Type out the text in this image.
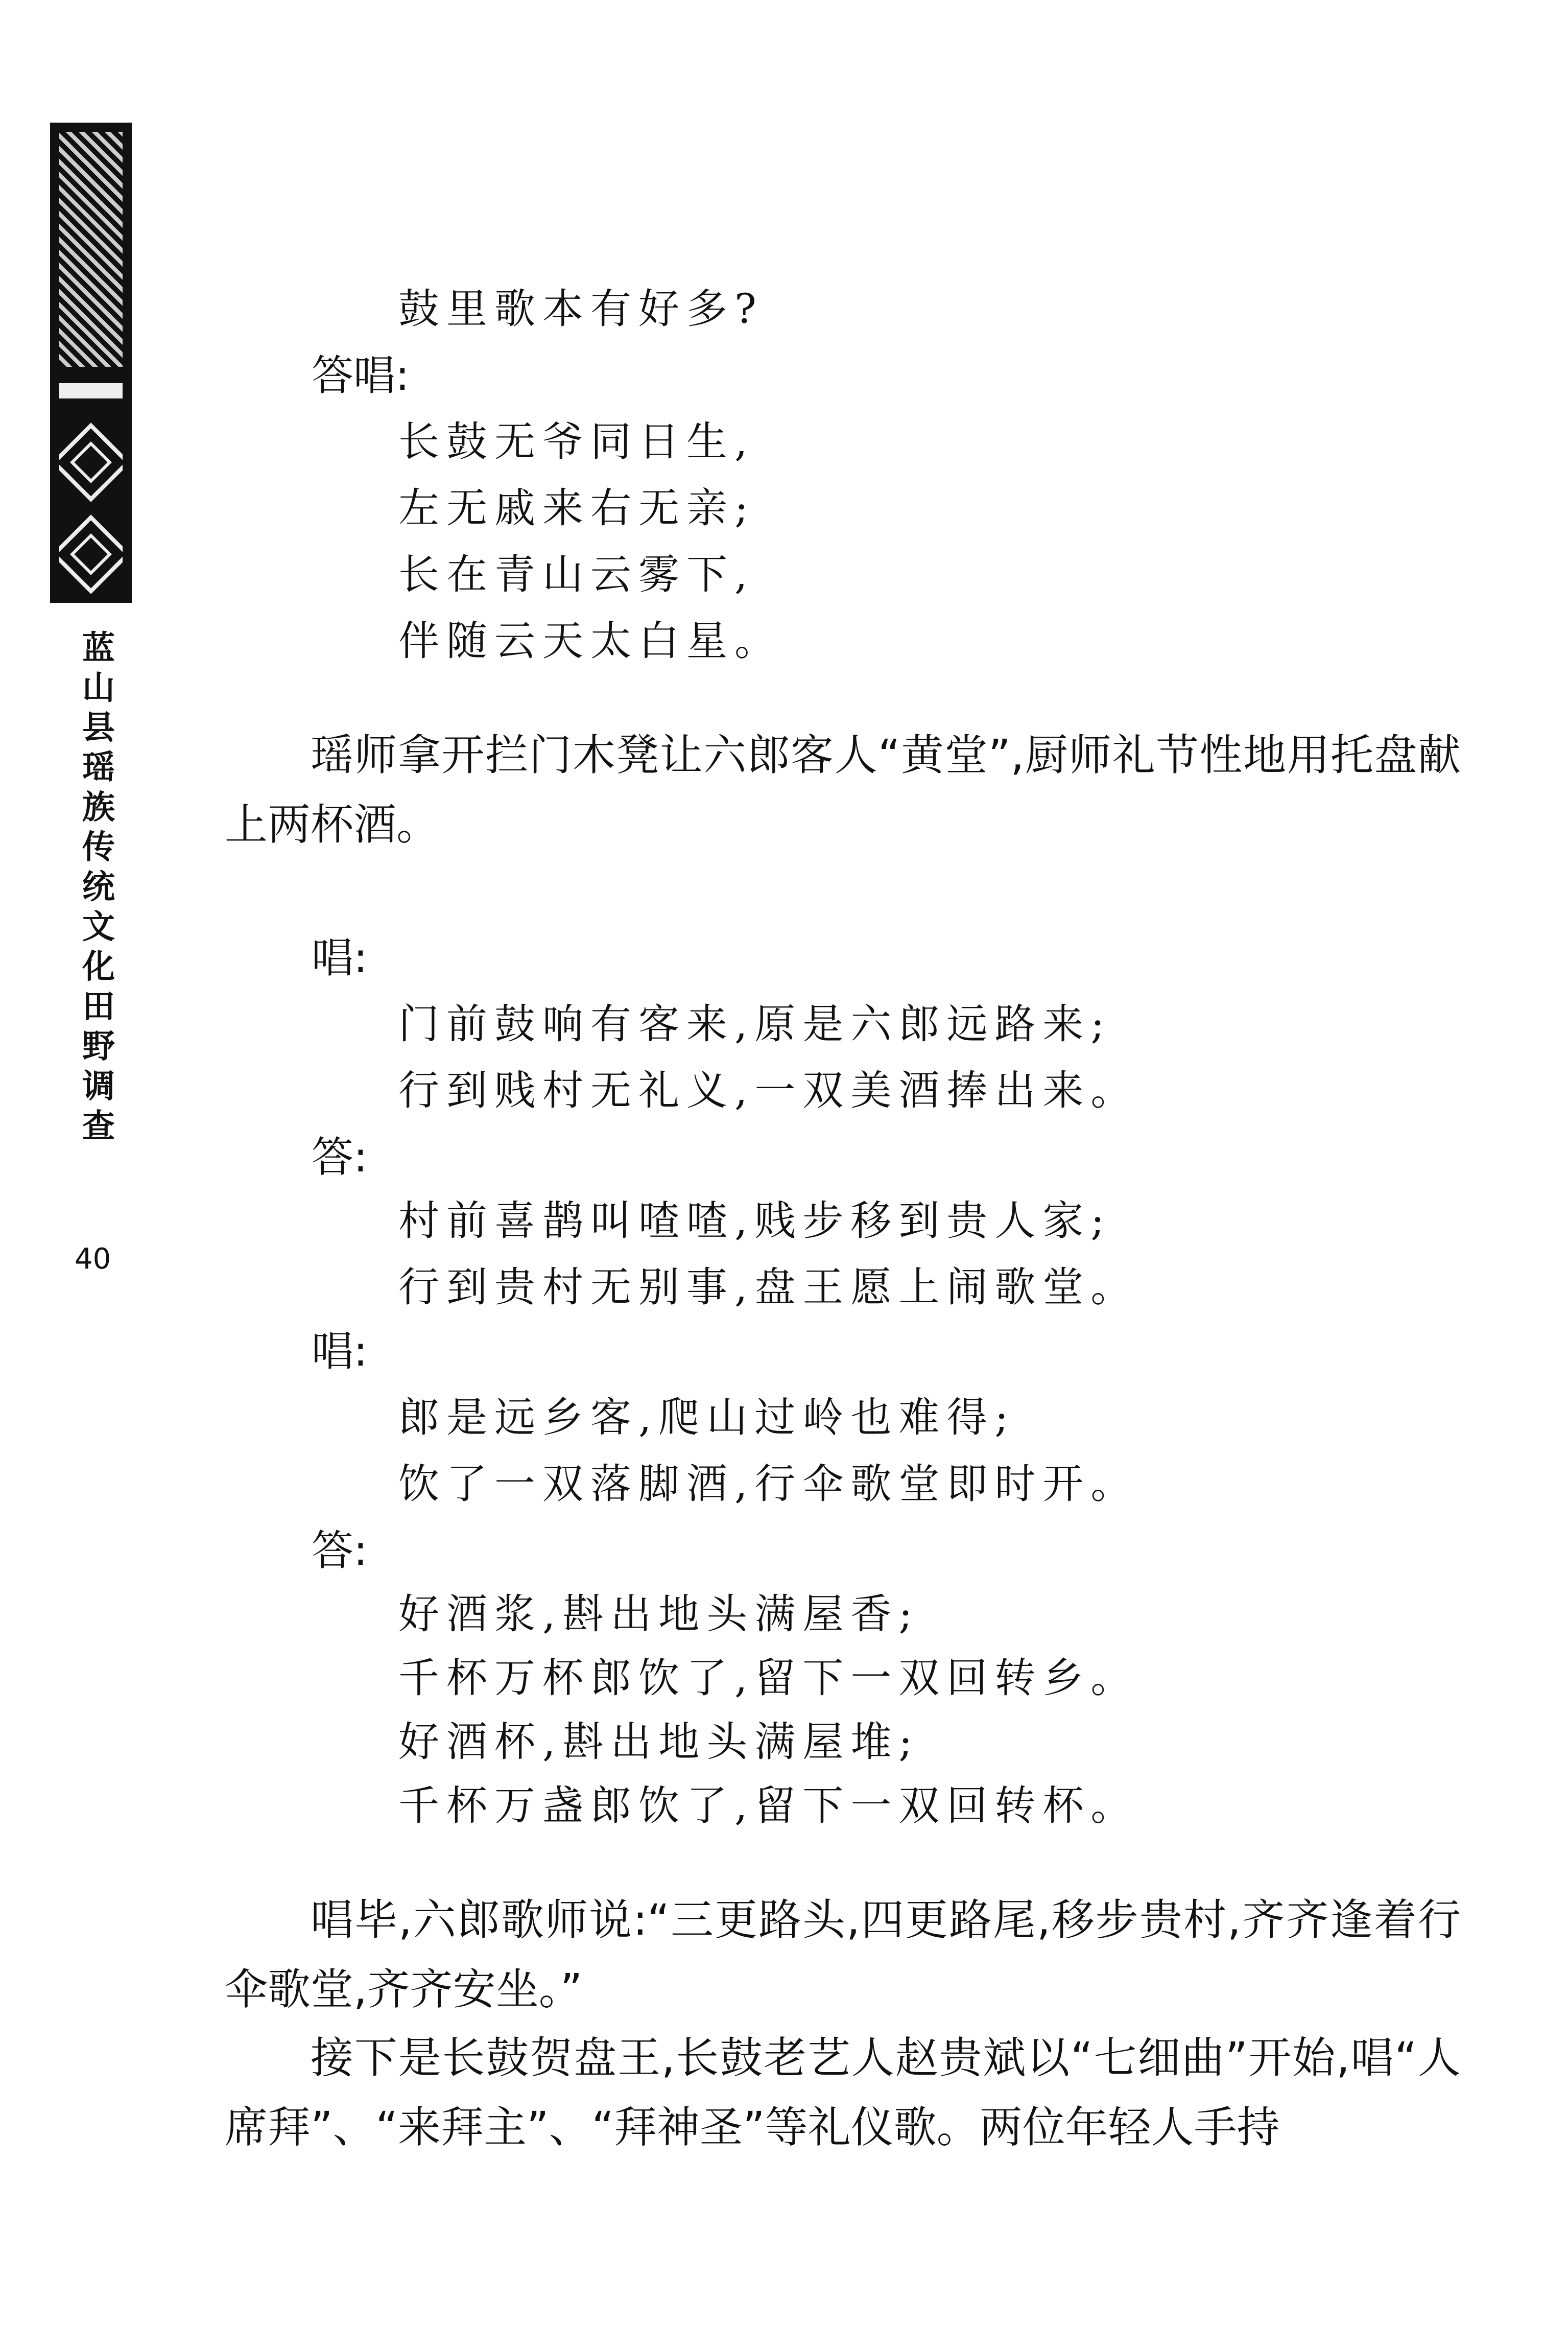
蓝山县瑶族传统文化田野调查
40
鼓里歌本有好多?
答唱:
长鼓无爷同日生,
左无戚来右无亲;
长在青山云雾下,
伴随云天太白星。
瑶师拿开拦门木凳让六郎客人“黄堂”,厨师礼节性地用托盘献上两杯酒。
唱:
门前鼓响有客来,原是六郎远路来;
行到贱村无礼义,一双美酒捧出来。
答:
村前喜鹊叫喳喳,贱步移到贵人家;
行到贵村无别事,盘王愿上闹歌堂。
唱:
郎是远乡客,爬山过岭也难得;
饮了一双落脚酒,行伞歌堂即时开。
答:
好酒浆,斟出地头满屋香;
千杯万杯郎饮了,留下一双回转乡。
好酒杯,斟出地头满屋堆;
千杯万盏郎饮了,留下一双回转杯。
唱毕,六郎歌师说:“三更路头,四更路尾,移步贵村,齐齐逢着行伞歌堂,齐齐安坐。”
接下是长鼓贺盘王,长鼓老艺人赵贵斌以“七细曲”开始,唱“人席拜”、“来拜主”、“拜神圣”等礼仪歌。两位年轻人手持
